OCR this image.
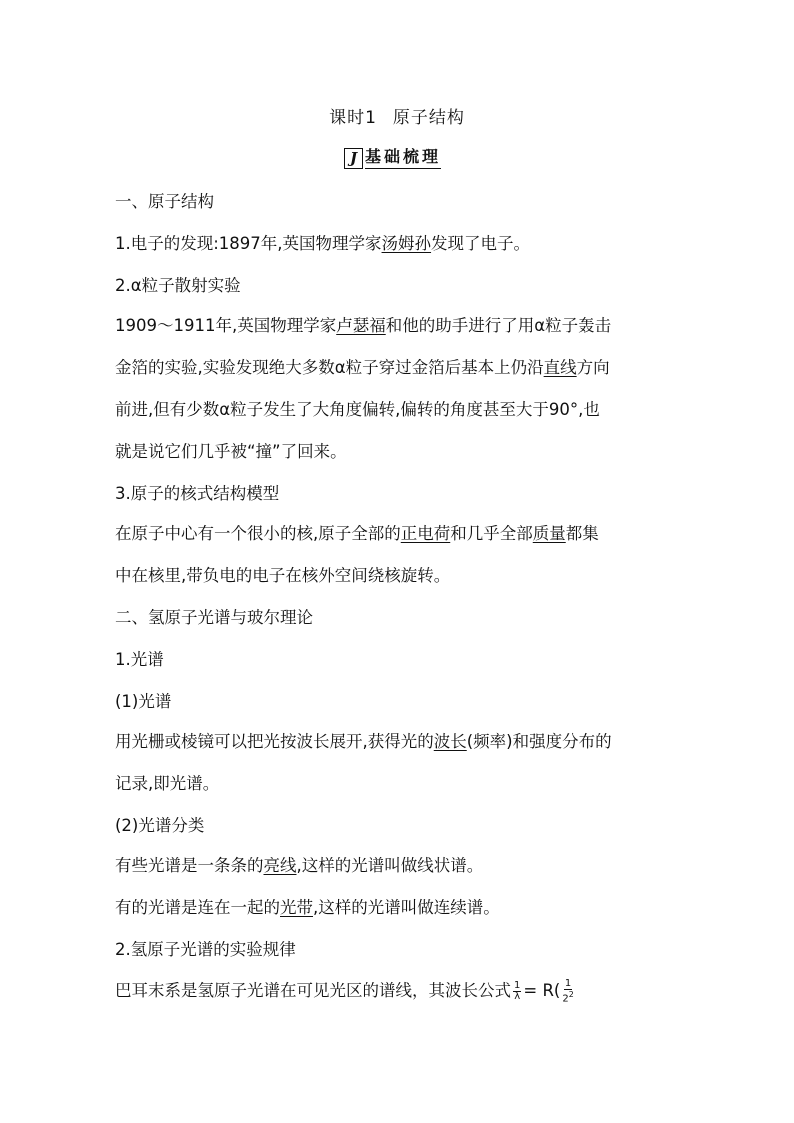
课时1 原子结构
J 基础梳理
一、原子结构
1.电子的发现:1897年,英国物理学家汤姆孙发现了电子。
2.α粒子散射实验
1909～1911年,英国物理学家卢瑟福和他的助手进行了用α粒子轰击
金箔的实验,实验发现绝大多数α粒子穿过金箔后基本上仍沿直线方向
前进,但有少数α粒子发生了大角度偏转,偏转的角度甚至大于90°,也
就是说它们几乎被“撞”了回来。
3.原子的核式结构模型
在原子中心有一个很小的核,原子全部的正电荷和几乎全部质量都集
中在核里,带负电的电子在核外空间绕核旋转。
二、氢原子光谱与玻尔理论
1.光谱
(1)光谱
用光栅或棱镜可以把光按波长展开,获得光的波长(频率)和强度分布的
记录,即光谱。
(2)光谱分类
有些光谱是一条条的亮线,这样的光谱叫做线状谱。
有的光谱是连在一起的光带,这样的光谱叫做连续谱。
2.氢原子光谱的实验规律
巴耳末系是氢原子光谱在可见光区的谱线，其波长公式 $\frac{1}{\lambda} = R( \frac{1}{2^2}$
